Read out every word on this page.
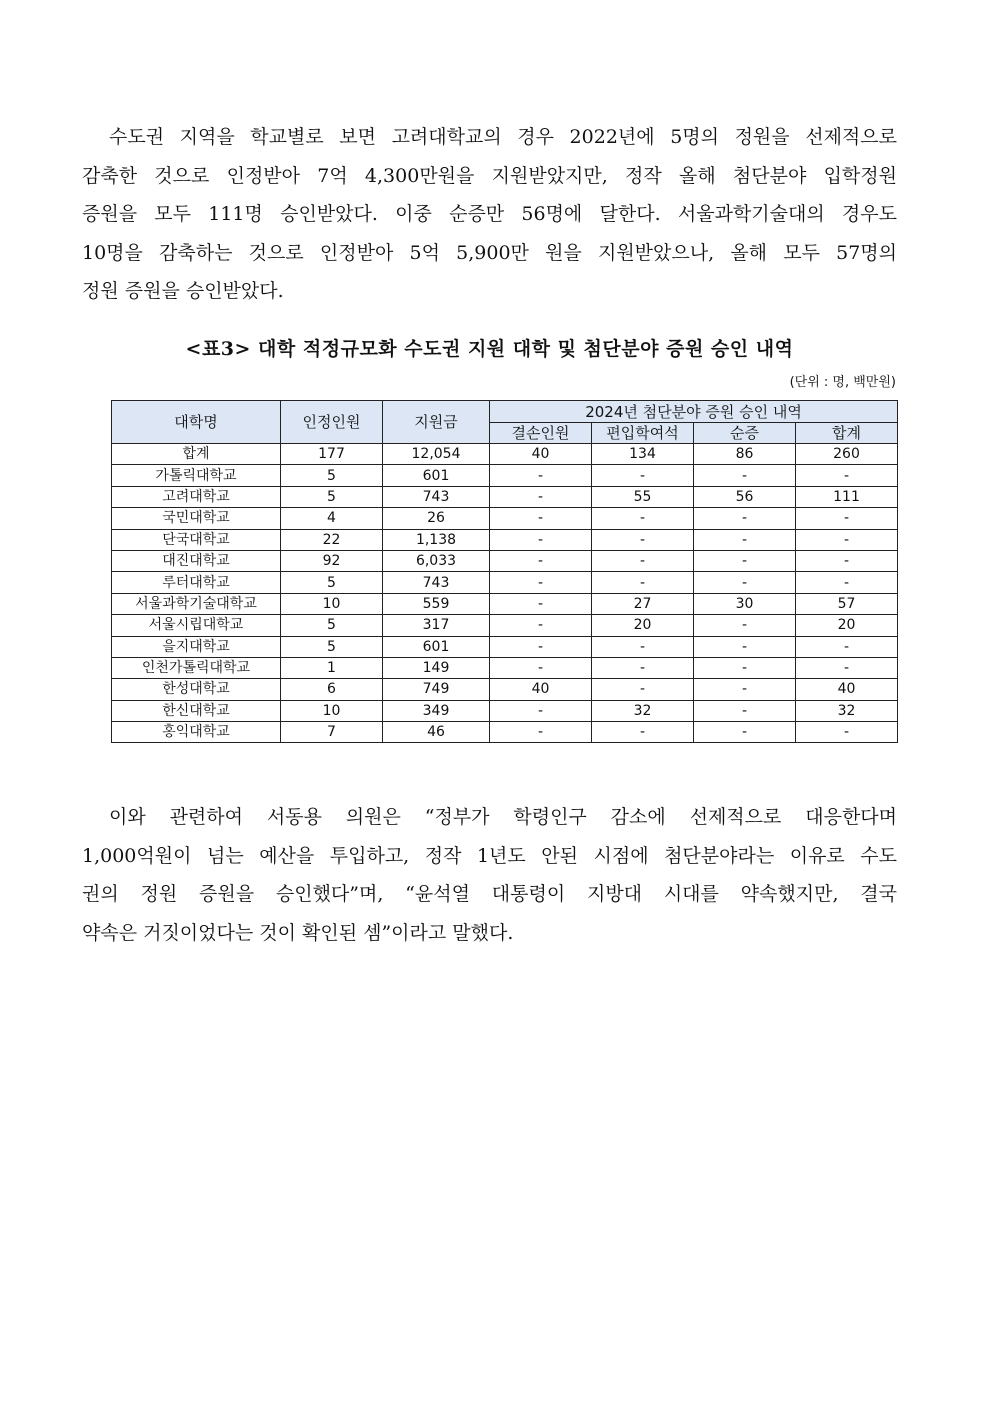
수도권 지역을 학교별로 보면 고려대학교의 경우 2022년에 5명의 정원을 선제적으로
감축한 것으로 인정받아 7억 4,300만원을 지원받았지만, 정작 올해 첨단분야 입학정원
증원을 모두 111명 승인받았다. 이중 순증만 56명에 달한다. 서울과학기술대의 경우도
10명을 감축하는 것으로 인정받아 5억 5,900만 원을 지원받았으나, 올해 모두 57명의
정원 증원을 승인받았다.
<표3> 대학 적정규모화 수도권 지원 대학 및 첨단분야 증원 승인 내역
(단위 : 명, 백만원)
대학명	인정인원	지원금	2024년 첨단분야 증원 승인 내역			
			결손인원	편입학여석	순증	합계
합계	177	12,054	40	134	86	260
가톨릭대학교	5	601	-	-	-	-
고려대학교	5	743	-	55	56	111
국민대학교	4	26	-	-	-	-
단국대학교	22	1,138	-	-	-	-
대진대학교	92	6,033	-	-	-	-
루터대학교	5	743	-	-	-	-
서울과학기술대학교	10	559	-	27	30	57
서울시립대학교	5	317	-	20	-	20
을지대학교	5	601	-	-	-	-
인천가톨릭대학교	1	149	-	-	-	-
한성대학교	6	749	40	-	-	40
한신대학교	10	349	-	32	-	32
홍익대학교	7	46	-	-	-	-
이와 관련하여 서동용 의원은 “정부가 학령인구 감소에 선제적으로 대응한다며
1,000억원이 넘는 예산을 투입하고, 정작 1년도 안된 시점에 첨단분야라는 이유로 수도
권의 정원 증원을 승인했다”며, “윤석열 대통령이 지방대 시대를 약속했지만, 결국
약속은 거짓이었다는 것이 확인된 셈”이라고 말했다.
